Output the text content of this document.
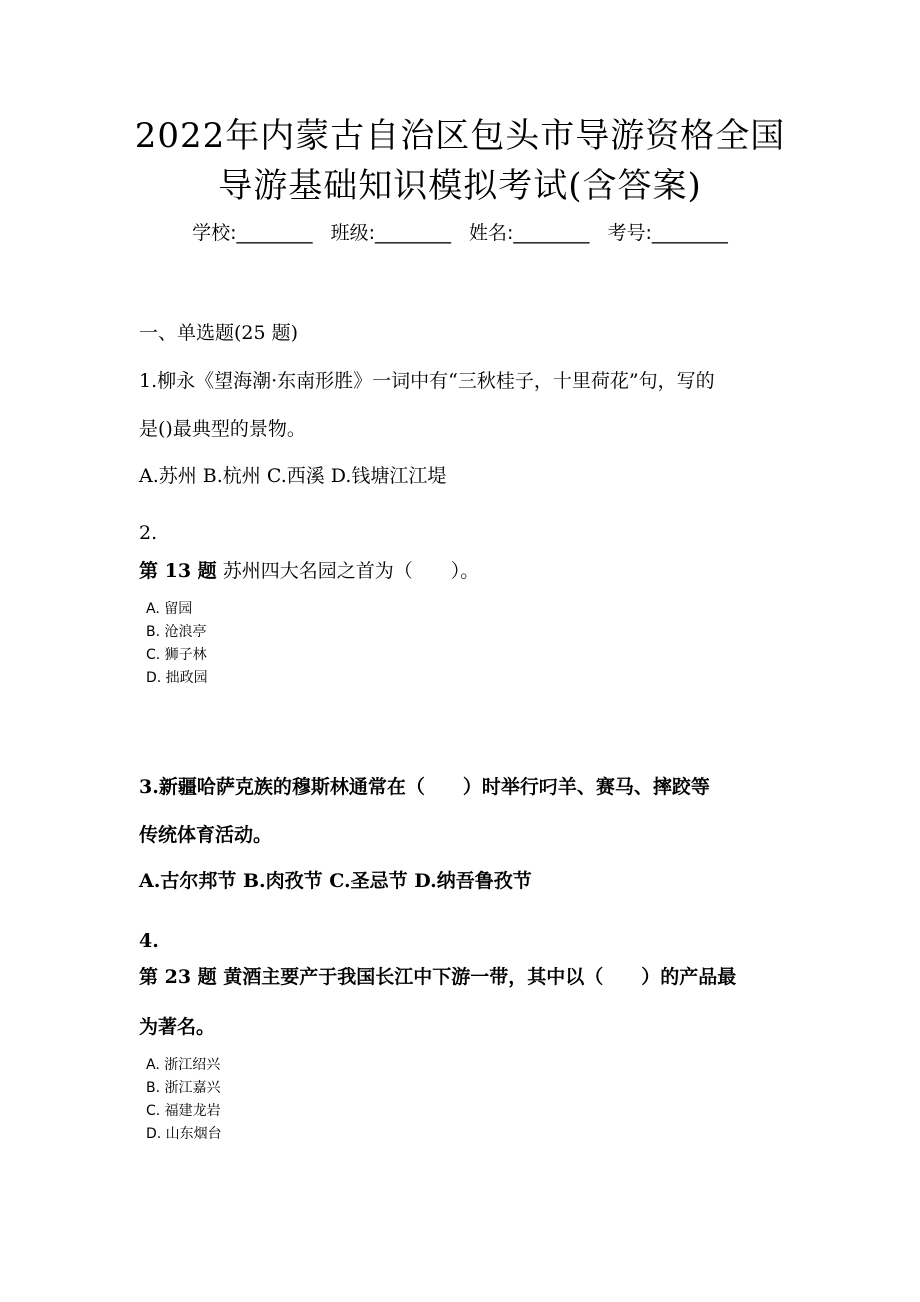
2022年内蒙古自治区包头市导游资格全国
导游基础知识模拟考试(含答案)
学校:________ 班级:________ 姓名:________ 考号:________
一、单选题(25 题)
1.柳永《望海潮·东南形胜》一词中有“三秋桂子，十里荷花”句，写的
是()最典型的景物。
A.苏州 B.杭州 C.西溪 D.钱塘江江堤
2.
第 13 题 苏州四大名园之首为（　　）。
A. 留园
B. 沧浪亭
C. 狮子林
D. 拙政园
3.新疆哈萨克族的穆斯林通常在（　　）时举行叼羊、赛马、摔跤等
传统体育活动。
A.古尔邦节 B.肉孜节 C.圣忌节 D.纳吾鲁孜节
4.
第 23 题 黄酒主要产于我国长江中下游一带，其中以（　　）的产品最
为著名。
A. 浙江绍兴
B. 浙江嘉兴
C. 福建龙岩
D. 山东烟台
